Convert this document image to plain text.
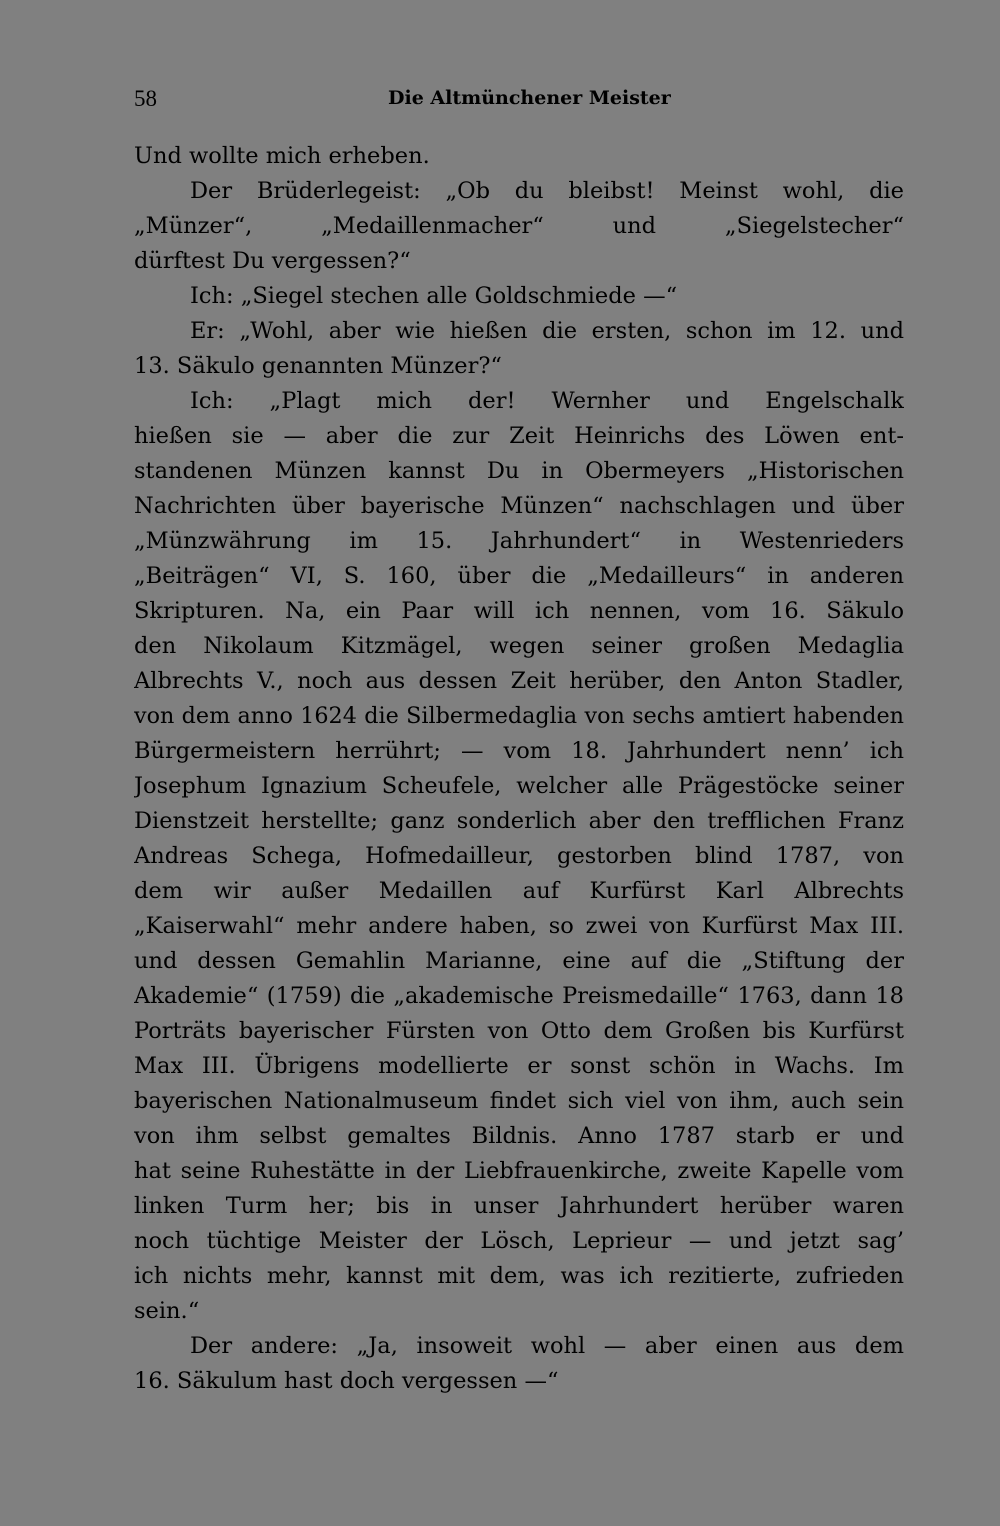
58	Die Altmünchener Meister
Und wollte mich erheben.
Der Brüderlegeist: „Ob du bleibst! Meinst wohl, die
„Münzer“, „Medaillenmacher“ und „Siegelstecher“
dürftest Du vergessen?“
Ich: „Siegel stechen alle Goldschmiede —“
Er: „Wohl, aber wie hießen die ersten, schon im 12. und
13. Säkulo genannten Münzer?“
Ich: „Plagt mich der! Wernher und Engelschalk
hießen sie — aber die zur Zeit Heinrichs des Löwen ent-
standenen Münzen kannst Du in Obermeyers „Historischen
Nachrichten über bayerische Münzen“ nachschlagen und über
„Münzwährung im 15. Jahrhundert“ in Westenrieders
„Beiträgen“ VI, S. 160, über die „Medailleurs“ in anderen
Skripturen. Na, ein Paar will ich nennen, vom 16. Säkulo
den Nikolaum Kitzmägel, wegen seiner großen Medaglia
Albrechts V., noch aus dessen Zeit herüber, den Anton Stadler,
von dem anno 1624 die Silbermedaglia von sechs amtiert habenden
Bürgermeistern herrührt; — vom 18. Jahrhundert nenn’ ich
Josephum Ignazium Scheufele, welcher alle Prägestöcke seiner
Dienstzeit herstellte; ganz sonderlich aber den trefflichen Franz
Andreas Schega, Hofmedailleur, gestorben blind 1787, von
dem wir außer Medaillen auf Kurfürst Karl Albrechts
„Kaiserwahl“ mehr andere haben, so zwei von Kurfürst Max III.
und dessen Gemahlin Marianne, eine auf die „Stiftung der
Akademie“ (1759) die „akademische Preismedaille“ 1763, dann 18
Porträts bayerischer Fürsten von Otto dem Großen bis Kurfürst
Max III. Übrigens modellierte er sonst schön in Wachs. Im
bayerischen Nationalmuseum findet sich viel von ihm, auch sein
von ihm selbst gemaltes Bildnis. Anno 1787 starb er und
hat seine Ruhestätte in der Liebfrauenkirche, zweite Kapelle vom
linken Turm her; bis in unser Jahrhundert herüber waren
noch tüchtige Meister der Lösch, Leprieur — und jetzt sag’
ich nichts mehr, kannst mit dem, was ich rezitierte, zufrieden
sein.“
Der andere: „Ja, insoweit wohl — aber einen aus dem
16. Säkulum hast doch vergessen —“
